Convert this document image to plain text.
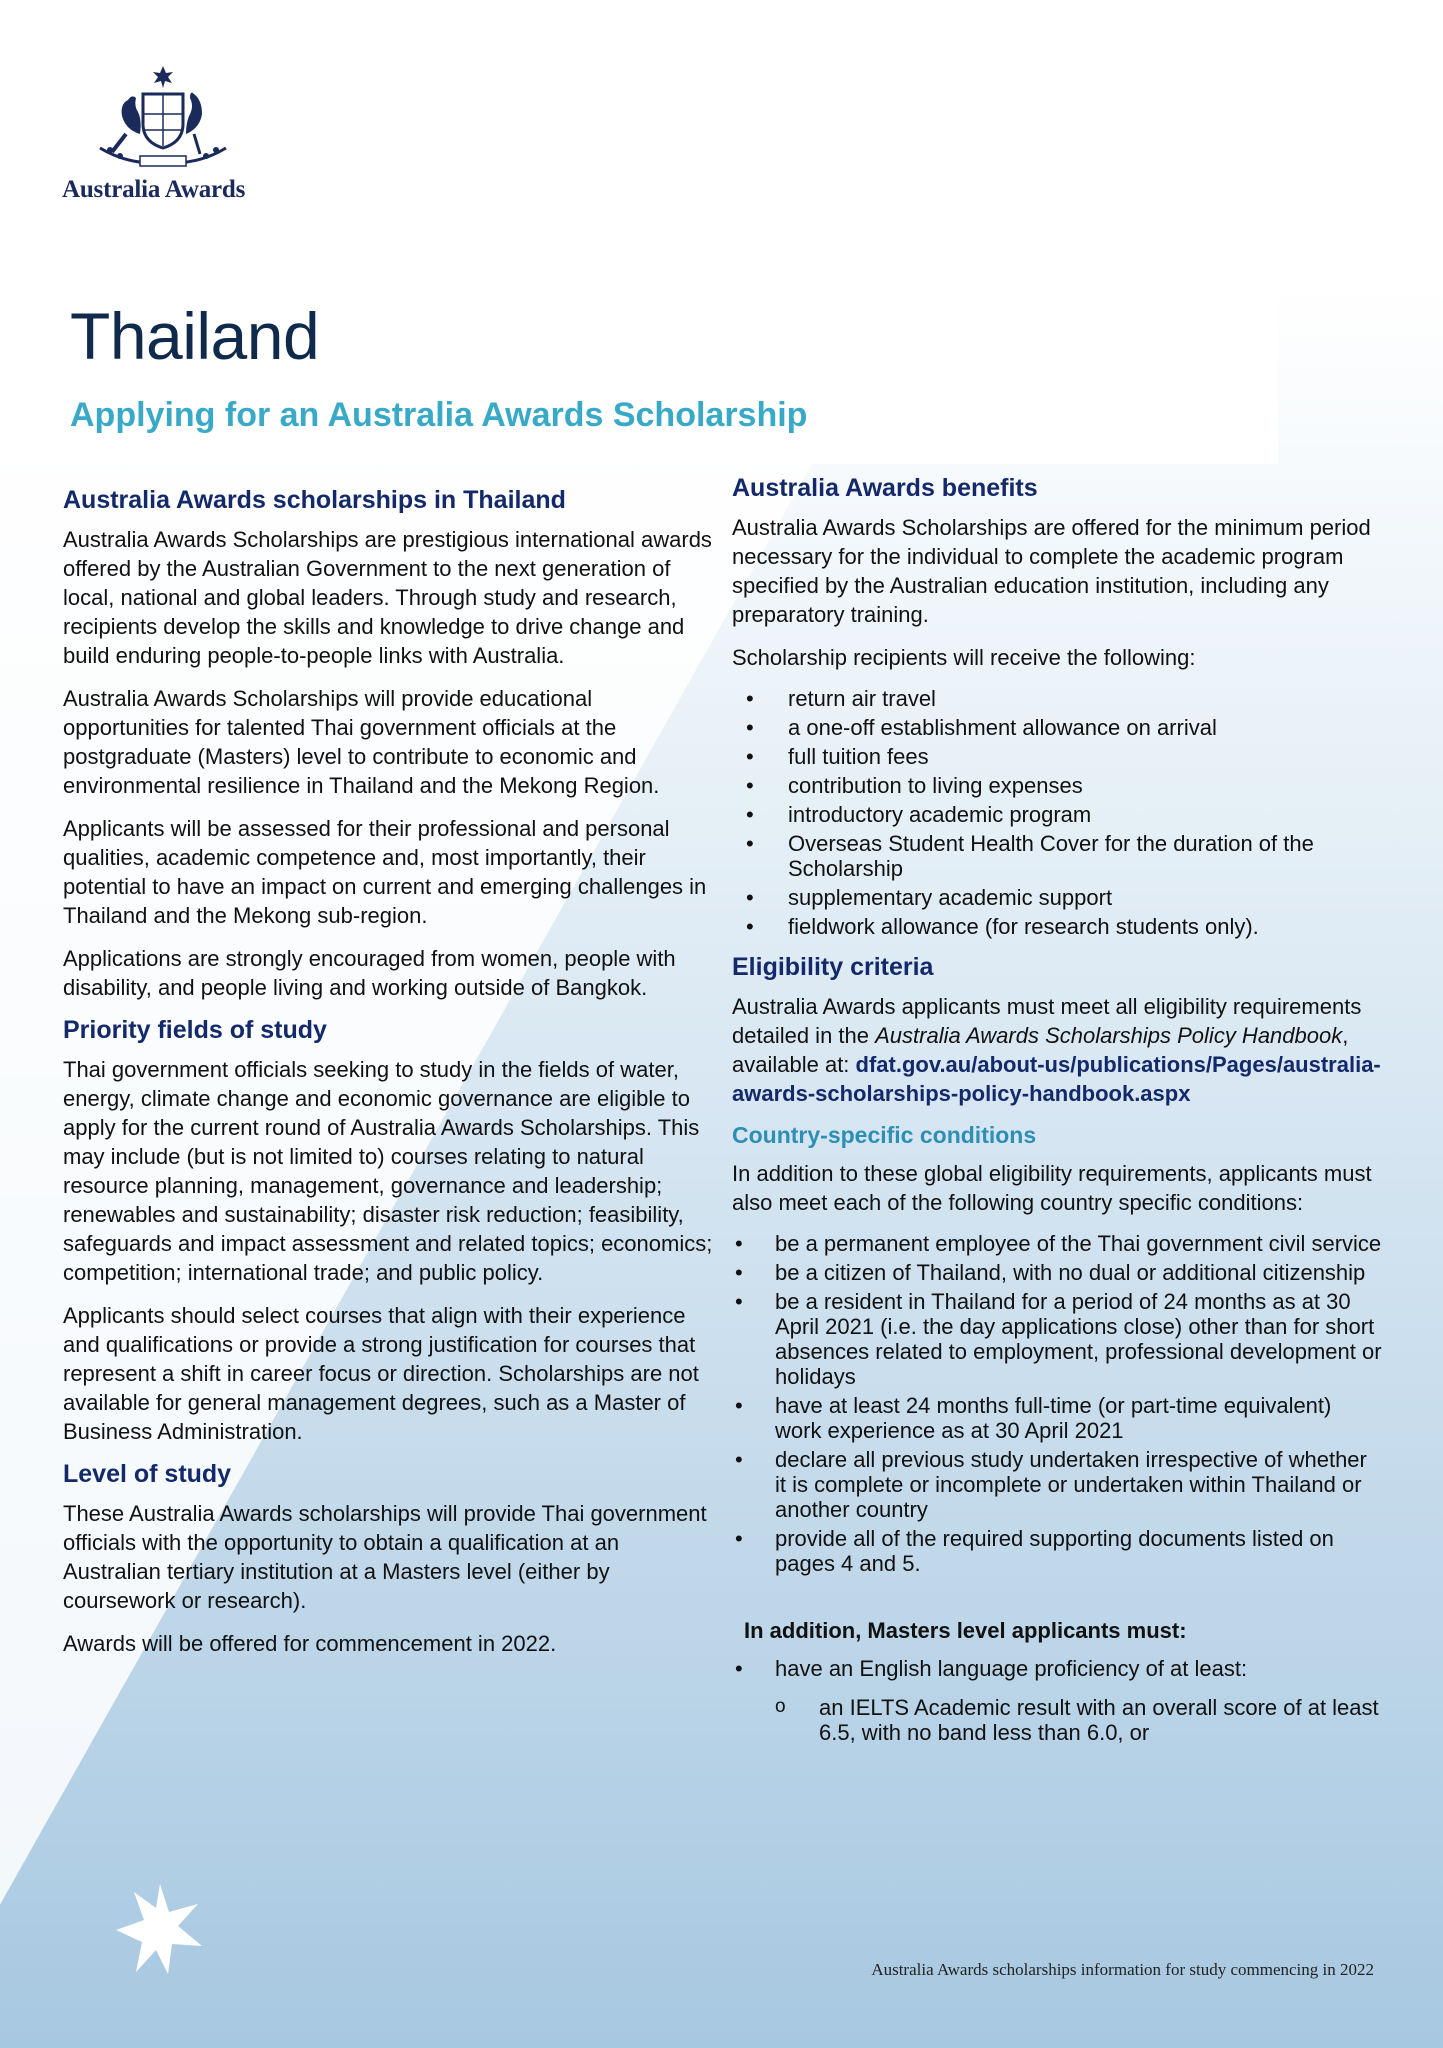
Australia Awards
Thailand
Applying for an Australia Awards Scholarship
Australia Awards scholarships in Thailand

Australia Awards Scholarships are prestigious international awards offered by the Australian Government to the next generation of local, national and global leaders. Through study and research, recipients develop the skills and knowledge to drive change and build enduring people-to-people links with Australia.

Australia Awards Scholarships will provide educational opportunities for talented Thai government officials at the postgraduate (Masters) level to contribute to economic and environmental resilience in Thailand and the Mekong Region.

Applicants will be assessed for their professional and personal qualities, academic competence and, most importantly, their potential to have an impact on current and emerging challenges in Thailand and the Mekong sub-region.

Applications are strongly encouraged from women, people with disability, and people living and working outside of Bangkok.

Priority fields of study

Thai government officials seeking to study in the fields of water, energy, climate change and economic governance are eligible to apply for the current round of Australia Awards Scholarships. This may include (but is not limited to) courses relating to natural resource planning, management, governance and leadership; renewables and sustainability; disaster risk reduction; feasibility, safeguards and impact assessment and related topics; economics; competition; international trade; and public policy.

Applicants should select courses that align with their experience and qualifications or provide a strong justification for courses that represent a shift in career focus or direction. Scholarships are not available for general management degrees, such as a Master of Business Administration.

Level of study

These Australia Awards scholarships will provide Thai government officials with the opportunity to obtain a qualification at an Australian tertiary institution at a Masters level (either by coursework or research).

Awards will be offered for commencement in 2022.

Australia Awards benefits

Australia Awards Scholarships are offered for the minimum period necessary for the individual to complete the academic program specified by the Australian education institution, including any preparatory training.

Scholarship recipients will receive the following:

• return air travel
• a one-off establishment allowance on arrival
• full tuition fees
• contribution to living expenses
• introductory academic program
• Overseas Student Health Cover for the duration of the Scholarship
• supplementary academic support
• fieldwork allowance (for research students only).
Eligibility criteria

Australia Awards applicants must meet all eligibility requirements detailed in the Australia Awards Scholarships Policy Handbook, available at: dfat.gov.au/about-us/publications/Pages/australia-awards-scholarships-policy-handbook.aspx

Country-specific conditions

In addition to these global eligibility requirements, applicants must also meet each of the following country specific conditions:

• be a permanent employee of the Thai government civil service
• be a citizen of Thailand, with no dual or additional citizenship
• be a resident in Thailand for a period of 24 months as at 30 April 2021 (i.e. the day applications close) other than for short absences related to employment, professional development or holidays
• have at least 24 months full-time (or part-time equivalent) work experience as at 30 April 2021
• declare all previous study undertaken irrespective of whether it is complete or incomplete or undertaken within Thailand or another country
• provide all of the required supporting documents listed on pages 4 and 5.
In addition, Masters level applicants must:
• have an English language proficiency of at least:
o an IELTS Academic result with an overall score of at least 6.5, with no band less than 6.0, or

Australia Awards scholarships information for study commencing in 2022
